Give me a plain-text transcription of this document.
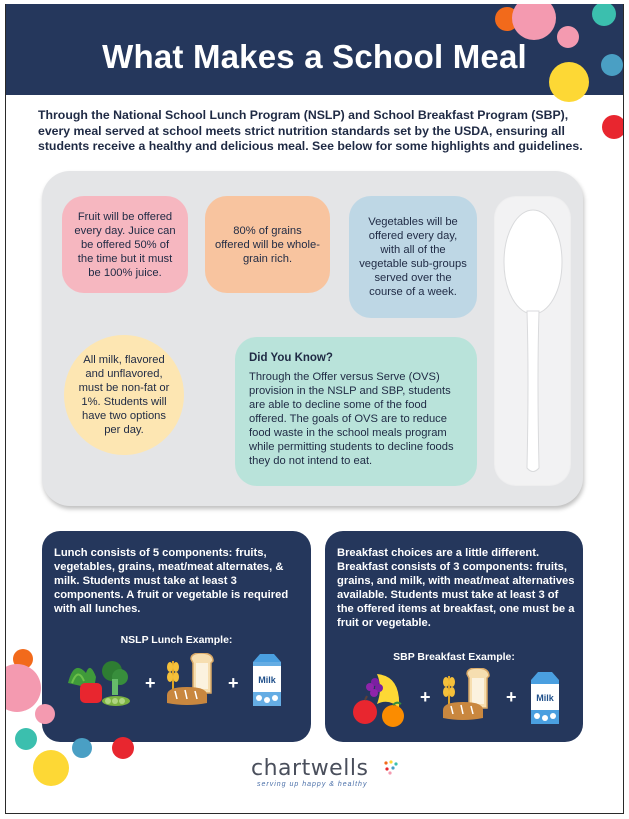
What Makes a School Meal

Through the National School Lunch Program (NSLP) and School Breakfast Program (SBP), every meal served at school meets strict nutrition standards set by the USDA, ensuring all students receive a healthy and delicious meal. See below for some highlights and guidelines.

Fruit will be offered every day. Juice can be offered 50% of the time but it must be 100% juice.
80% of grains offered will be whole-grain rich.
Vegetables will be offered every day, with all of the vegetable sub-groups served over the course of a week.
All milk, flavored and unflavored, must be non-fat or 1%. Students will have two options per day.
Did You Know?
Through the Offer versus Serve (OVS) provision in the NSLP and SBP, students are able to decline some of the food offered. The goals of OVS are to reduce food waste in the school meals program while permitting students to decline foods they do not intend to eat.

Lunch consists of 5 components: fruits, vegetables, grains, meat/meat alternates, & milk. Students must take at least 3 components. A fruit or vegetable is required with all lunches.

NSLP Lunch Example:
+	+ Milk

Breakfast choices are a little different. Breakfast consists of 3 components: fruits, grains, and milk, with meat/meat alternatives available. Students must take at least 3 of the offered items at breakfast, one must be a fruit or vegetable.

SBP Breakfast Example:
+	+ Milk
chartwells
serving up happy & healthy
